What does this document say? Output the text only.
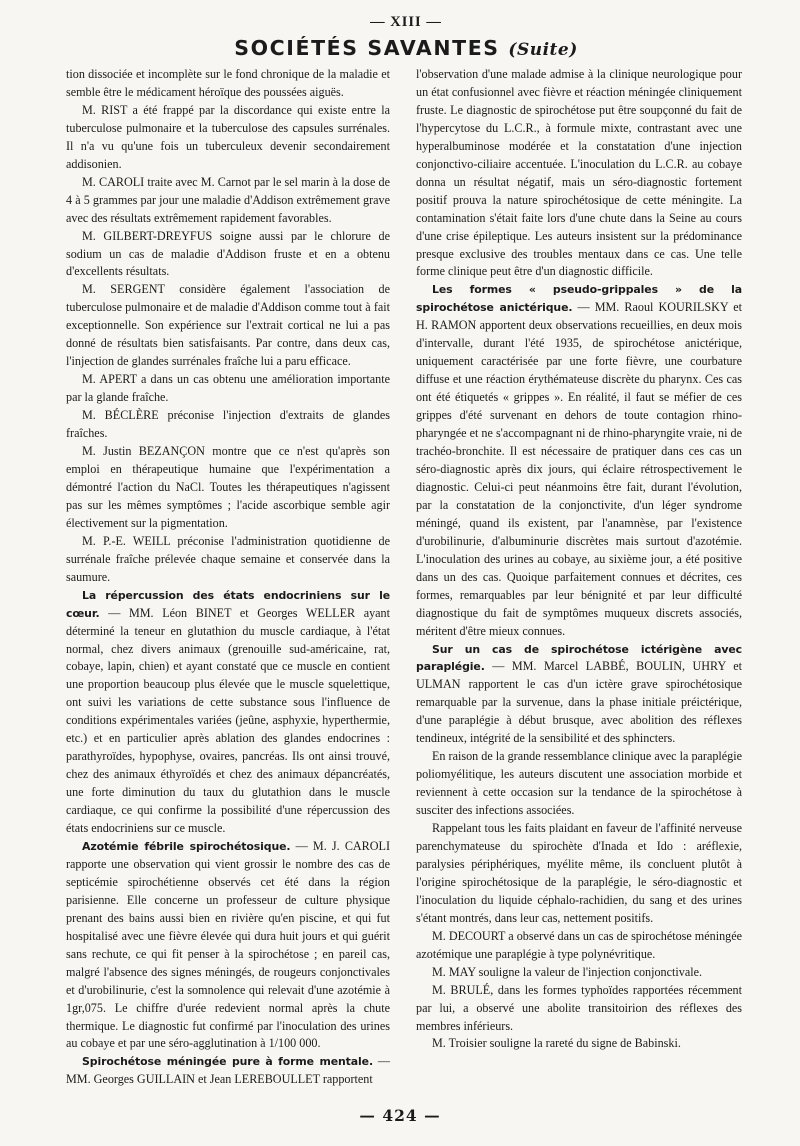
— XIII —
SOCIÉTÉS SAVANTES (Suite)

tion dissociée et incomplète sur le fond chronique de la maladie et semble être le médicament héroïque des poussées aiguës.

M. RIST a été frappé par la discordance qui existe entre la tuberculose pulmonaire et la tuberculose des capsules surrénales. Il n'a vu qu'une fois un tuberculeux devenir secondairement addisonien.

M. CAROLI traite avec M. Carnot par le sel marin à la dose de 4 à 5 grammes par jour une maladie d'Addison extrêmement grave avec des résultats extrêmement rapidement favorables.

M. GILBERT-DREYFUS soigne aussi par le chlorure de sodium un cas de maladie d'Addison fruste et en a obtenu d'excellents résultats.

M. SERGENT considère également l'association de tuberculose pulmonaire et de maladie d'Addison comme tout à fait exceptionnelle. Son expérience sur l'extrait cortical ne lui a pas donné de résultats bien satisfaisants. Par contre, dans deux cas, l'injection de glandes surrénales fraîche lui a paru efficace.

M. APERT a dans un cas obtenu une amélioration importante par la glande fraîche.

M. BÉCLÈRE préconise l'injection d'extraits de glandes fraîches.

M. Justin BEZANÇON montre que ce n'est qu'après son emploi en thérapeutique humaine que l'expérimentation a démontré l'action du NaCl. Toutes les thérapeutiques n'agissent pas sur les mêmes symptômes ; l'acide ascorbique semble agir électivement sur la pigmentation.

M. P.-E. WEILL préconise l'administration quotidienne de surrénale fraîche prélevée chaque semaine et conservée dans la saumure.

La répercussion des états endocriniens sur le cœur. — MM. Léon BINET et Georges WELLER ayant déterminé la teneur en glutathion du muscle cardiaque, à l'état normal, chez divers animaux (grenouille sud-américaine, rat, cobaye, lapin, chien) et ayant constaté que ce muscle en contient une proportion beaucoup plus élevée que le muscle squelettique, ont suivi les variations de cette substance sous l'influence de conditions expérimentales variées (jeûne, asphyxie, hyperthermie, etc.) et en particulier après ablation des glandes endocrines : parathyroïdes, hypophyse, ovaires, pancréas. Ils ont ainsi trouvé, chez des animaux éthyroïdés et chez des animaux dépancréatés, une forte diminution du taux du glutathion dans le muscle cardiaque, ce qui confirme la possibilité d'une répercussion des états endocriniens sur ce muscle.

Azotémie fébrile spirochétosique. — M. J. CAROLI rapporte une observation qui vient grossir le nombre des cas de septicémie spirochétienne observés cet été dans la région parisienne. Elle concerne un professeur de culture physique prenant des bains aussi bien en rivière qu'en piscine, et qui fut hospitalisé avec une fièvre élevée qui dura huit jours et qui guérit sans rechute, ce qui fit penser à la spirochétose ; en pareil cas, malgré l'absence des signes méningés, de rougeurs conjonctivales et d'urobilinurie, c'est la somnolence qui relevait d'une azotémie à 1gr,075. Le chiffre d'urée redevient normal après la chute thermique. Le diagnostic fut confirmé par l'inoculation des urines au cobaye et par une séro-agglutination à 1/100 000.

Spirochétose méningée pure à forme mentale. — MM. Georges GUILLAIN et Jean LEREBOULLET rapportent

l'observation d'une malade admise à la clinique neurologique pour un état confusionnel avec fièvre et réaction méningée cliniquement fruste. Le diagnostic de spirochétose put être soupçonné du fait de l'hypercytose du L.C.R., à formule mixte, contrastant avec une hyperalbuminose modérée et la constatation d'une injection conjonctivo-ciliaire accentuée. L'inoculation du L.C.R. au cobaye donna un résultat négatif, mais un séro-diagnostic fortement positif prouva la nature spirochétosique de cette méningite. La contamination s'était faite lors d'une chute dans la Seine au cours d'une crise épileptique. Les auteurs insistent sur la prédominance presque exclusive des troubles mentaux dans ce cas. Une telle forme clinique peut être d'un diagnostic difficile.

Les formes « pseudo-grippales » de la spirochétose anictérique. — MM. Raoul KOURILSKY et H. RAMON apportent deux observations recueillies, en deux mois d'intervalle, durant l'été 1935, de spirochétose anictérique, uniquement caractérisée par une forte fièvre, une courbature diffuse et une réaction érythémateuse discrète du pharynx. Ces cas ont été étiquetés « grippes ». En réalité, il faut se méfier de ces grippes d'été survenant en dehors de toute contagion rhino-pharyngée et ne s'accompagnant ni de rhino-pharyngite vraie, ni de trachéo-bronchite. Il est nécessaire de pratiquer dans ces cas un séro-diagnostic après dix jours, qui éclaire rétrospectivement le diagnostic. Celui-ci peut néanmoins être fait, durant l'évolution, par la constatation de la conjonctivite, d'un léger syndrome méningé, quand ils existent, par l'anamnèse, par l'existence d'urobilinurie, d'albuminurie discrètes mais surtout d'azotémie. L'inoculation des urines au cobaye, au sixième jour, a été positive dans un des cas. Quoique parfaitement connues et décrites, ces formes, remarquables par leur bénignité et par leur difficulté diagnostique du fait de symptômes muqueux discrets associés, méritent d'être mieux connues.

Sur un cas de spirochétose ictérigène avec paraplégie. — MM. Marcel LABBÉ, BOULIN, UHRY et ULMAN rapportent le cas d'un ictère grave spirochétosique remarquable par la survenue, dans la phase initiale préictérique, d'une paraplégie à début brusque, avec abolition des réflexes tendineux, intégrité de la sensibilité et des sphincters.

En raison de la grande ressemblance clinique avec la paraplégie poliomyélitique, les auteurs discutent une association morbide et reviennent à cette occasion sur la tendance de la spirochétose à susciter des infections associées.

Rappelant tous les faits plaidant en faveur de l'affinité nerveuse parenchymateuse du spirochète d'Inada et Ido : aréflexie, paralysies périphériques, myélite même, ils concluent plutôt à l'origine spirochétosique de la paraplégie, le séro-diagnostic et l'inoculation du liquide céphalo-rachidien, du sang et des urines s'étant montrés, dans leur cas, nettement positifs.

M. DECOURT a observé dans un cas de spirochétose méningée azotémique une paraplégie à type polynévritique.

M. MAY souligne la valeur de l'injection conjonctivale.

M. BRULÉ, dans les formes typhoïdes rapportées récemment par lui, a observé une abolite transitoirion des réflexes des membres inférieurs.

M. Troisier souligne la rareté du signe de Babinski.

— 424 —
